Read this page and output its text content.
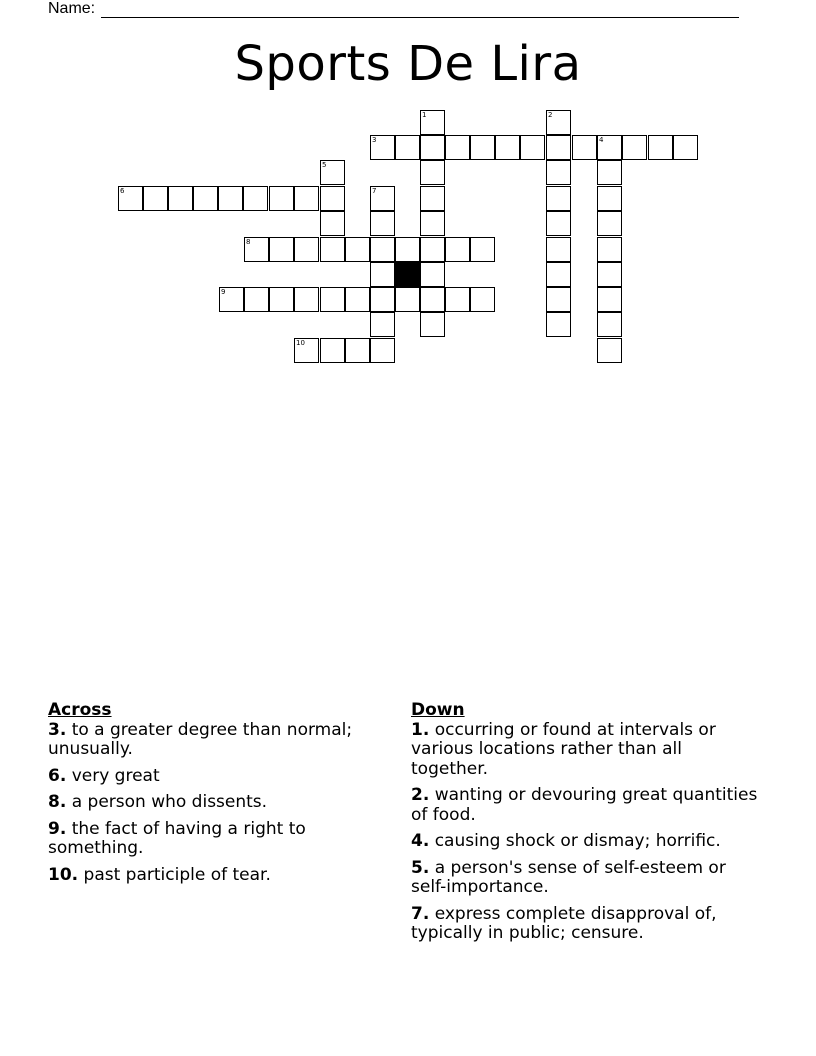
Name:
Sports De Lira
1	2
3	4
5
6	7
8
9
10
Across
3. to a greater degree than normal; unusually.
6. very great
8. a person who dissents.
9. the fact of having a right to something.
10. past participle of tear.
Down
1. occurring or found at intervals or various locations rather than all together.
2. wanting or devouring great quantities of food.
4. causing shock or dismay; horrific.
5. a person's sense of self-esteem or self-importance.
7. express complete disapproval of, typically in public; censure.
